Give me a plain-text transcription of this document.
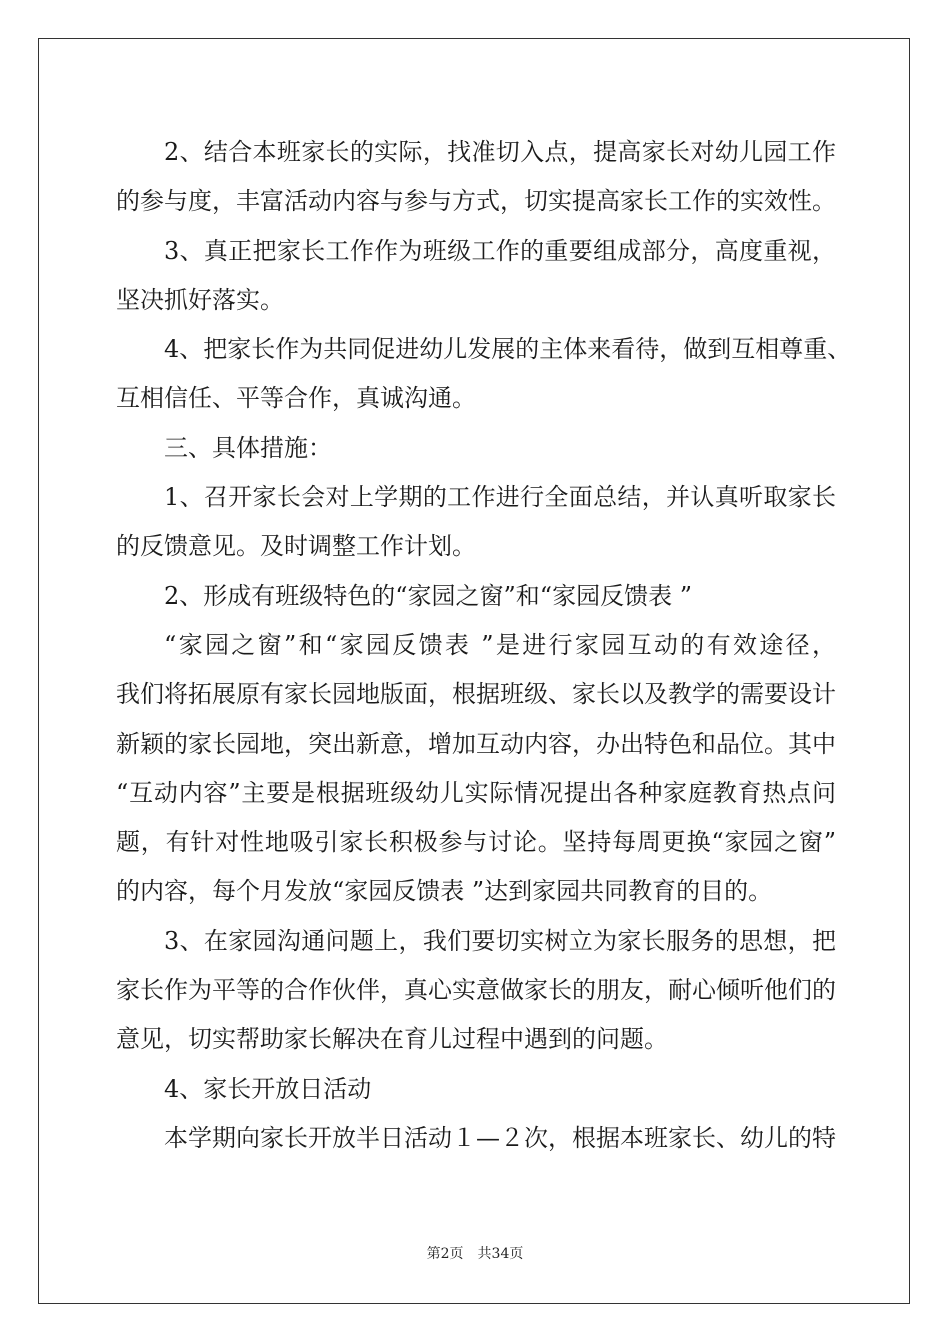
2、结合本班家长的实际，找准切入点，提高家长对幼儿园工作
的参与度，丰富活动内容与参与方式，切实提高家长工作的实效性。
3、真正把家长工作作为班级工作的重要组成部分，高度重视，
坚决抓好落实。
4、把家长作为共同促进幼儿发展的主体来看待，做到互相尊重、
互相信任、平等合作，真诚沟通。
三、具体措施：
1、召开家长会对上学期的工作进行全面总结，并认真听取家长
的反馈意见。及时调整工作计划。
2、形成有班级特色的“家园之窗”和“家园反馈表 ”
“家园之窗”和“家园反馈表 ”是进行家园互动的有效途径，
我们将拓展原有家长园地版面，根据班级、家长以及教学的需要设计
新颖的家长园地，突出新意，增加互动内容，办出特色和品位。其中
“互动内容”主要是根据班级幼儿实际情况提出各种家庭教育热点问
题，有针对性地吸引家长积极参与讨论。坚持每周更换“家园之窗”
的内容，每个月发放“家园反馈表 ”达到家园共同教育的目的。
3、在家园沟通问题上，我们要切实树立为家长服务的思想，把
家长作为平等的合作伙伴，真心实意做家长的朋友，耐心倾听他们的
意见，切实帮助家长解决在育儿过程中遇到的问题。
4、家长开放日活动
本学期向家长开放半日活动１—２次，根据本班家长、幼儿的特
第2页 共34页
